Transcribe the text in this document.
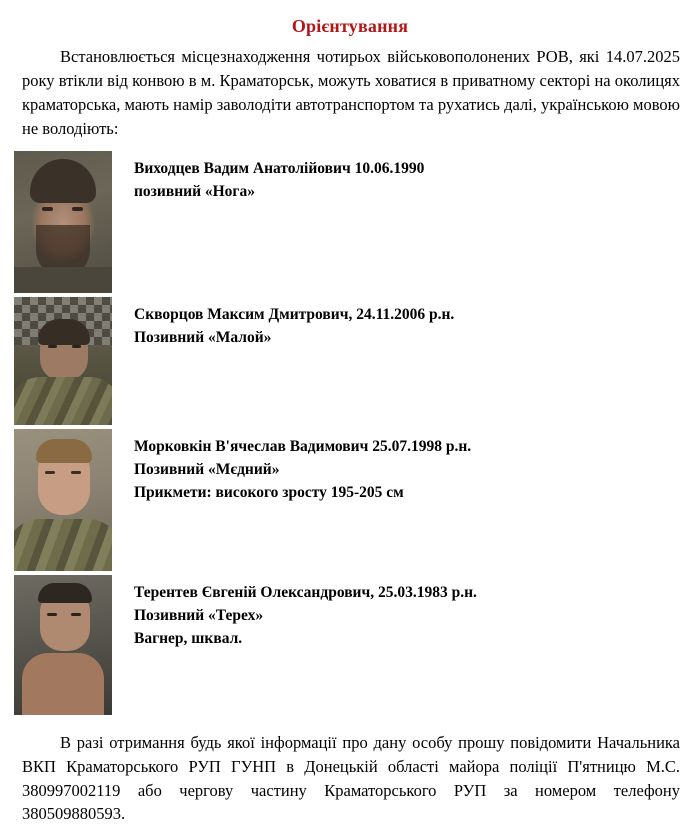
Орієнтування
Встановлюється місцезнаходження чотирьох військовополонених РОВ, які 14.07.2025 року втікли від конвою в м. Краматорськ, можуть ховатися в приватному секторі на околицях краматорська, мають намір заволодіти автотранспортом та рухатись далі, українською мовою не володіють:
Виходцев Вадим Анатолійович 10.06.1990
позивний «Нога»
Скворцов Максим Дмитрович, 24.11.2006 р.н.
Позивний «Малой»
Морковкін В'ячеслав Вадимович 25.07.1998 р.н.
Позивний «Мєдний»
Прикмети: високого зросту 195-205 см
Терентев Євгеній Олександрович, 25.03.1983 р.н.
Позивний «Терех»
Вагнер, шквал.
В разі отримання будь якої інформації про дану особу прошу повідомити Начальника ВКП Краматорського РУП ГУНП в Донецькій області майора поліції П'ятницю М.С. 380997002119 або чергову частину Краматорського РУП за номером телефону 380509880593.
